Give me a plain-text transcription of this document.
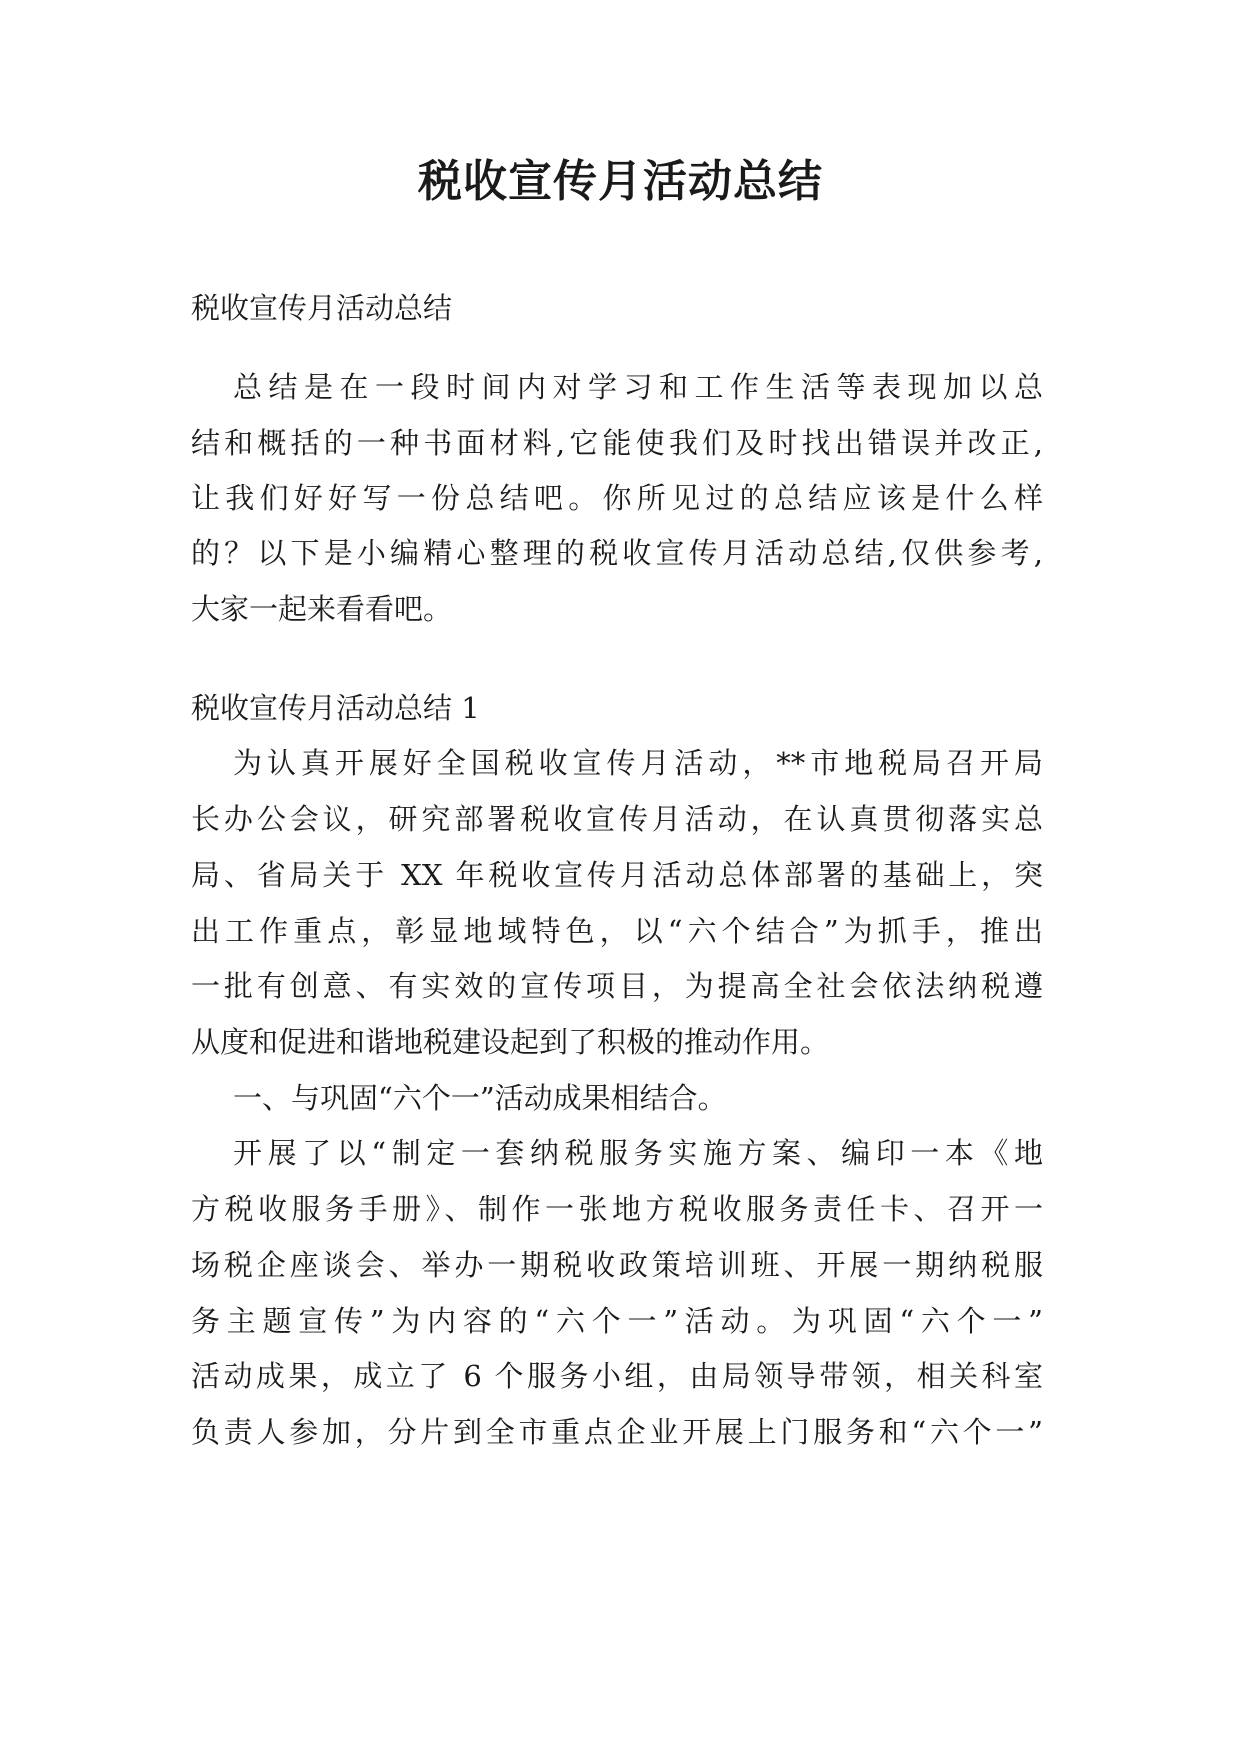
税收宣传月活动总结
税收宣传月活动总结
总结是在一段时间内对学习和工作生活等表现加以总
结和概括的一种书面材料,它能使我们及时找出错误并改正,
让我们好好写一份总结吧。你所见过的总结应该是什么样
的？以下是小编精心整理的税收宣传月活动总结,仅供参考,
大家一起来看看吧。
税收宣传月活动总结 1
为认真开展好全国税收宣传月活动，**市地税局召开局
长办公会议，研究部署税收宣传月活动，在认真贯彻落实总
局、省局关于 XX 年税收宣传月活动总体部署的基础上，突
出工作重点，彰显地域特色，以“六个结合”为抓手，推出
一批有创意、有实效的宣传项目，为提高全社会依法纳税遵
从度和促进和谐地税建设起到了积极的推动作用。
一、与巩固“六个一”活动成果相结合。
开展了以“制定一套纳税服务实施方案、编印一本《地
方税收服务手册》、制作一张地方税收服务责任卡、召开一
场税企座谈会、举办一期税收政策培训班、开展一期纳税服
务主题宣传”为内容的“六个一”活动。为巩固“六个一”
活动成果，成立了 6 个服务小组，由局领导带领，相关科室
负责人参加，分片到全市重点企业开展上门服务和“六个一”
